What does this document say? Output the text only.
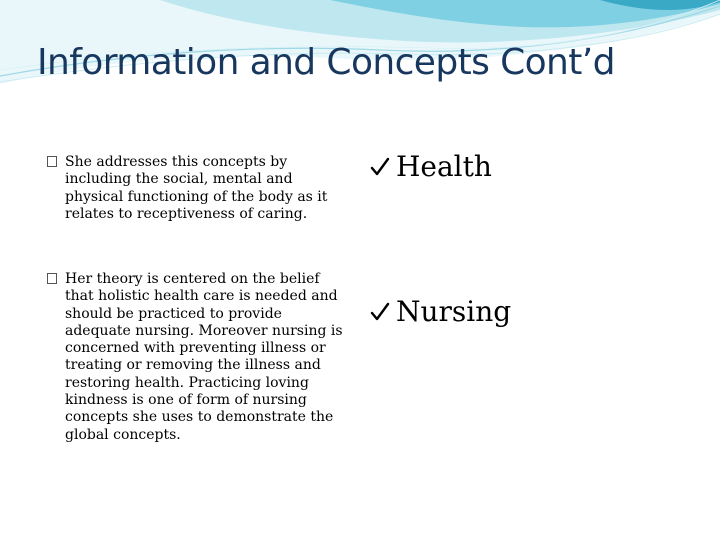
Information and Concepts Cont’d
She addresses this concepts by including the social, mental and physical functioning of the body as it relates to receptiveness of caring.
Her theory is centered on the belief that holistic health care is needed and should be practiced to provide adequate nursing. Moreover nursing is concerned with preventing illness or treating or removing the illness and restoring health. Practicing loving kindness is one of form of nursing concepts she uses to demonstrate the global concepts.
Health
Nursing
